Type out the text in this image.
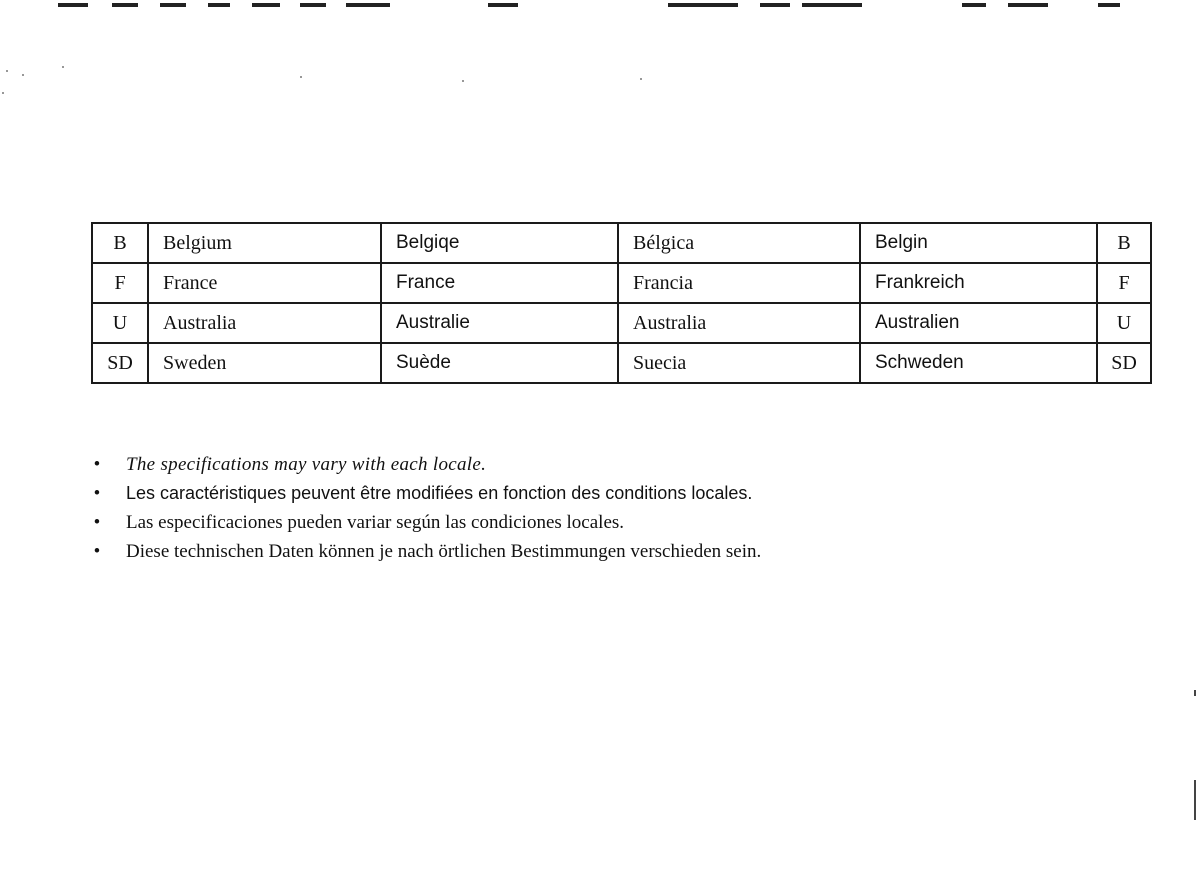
B	Belgium	Belgiqe	Bélgica	Belgin	B
F	France	France	Francia	Frankreich	F
U	Australia	Australie	Australia	Australien	U
SD	Sweden	Suède	Suecia	Schweden	SD
• The specifications may vary with each locale.
• Les caractéristiques peuvent être modifiées en fonction des conditions locales.
• Las especificaciones pueden variar según las condiciones locales.
• Diese technischen Daten können je nach örtlichen Bestimmungen verschieden sein.
